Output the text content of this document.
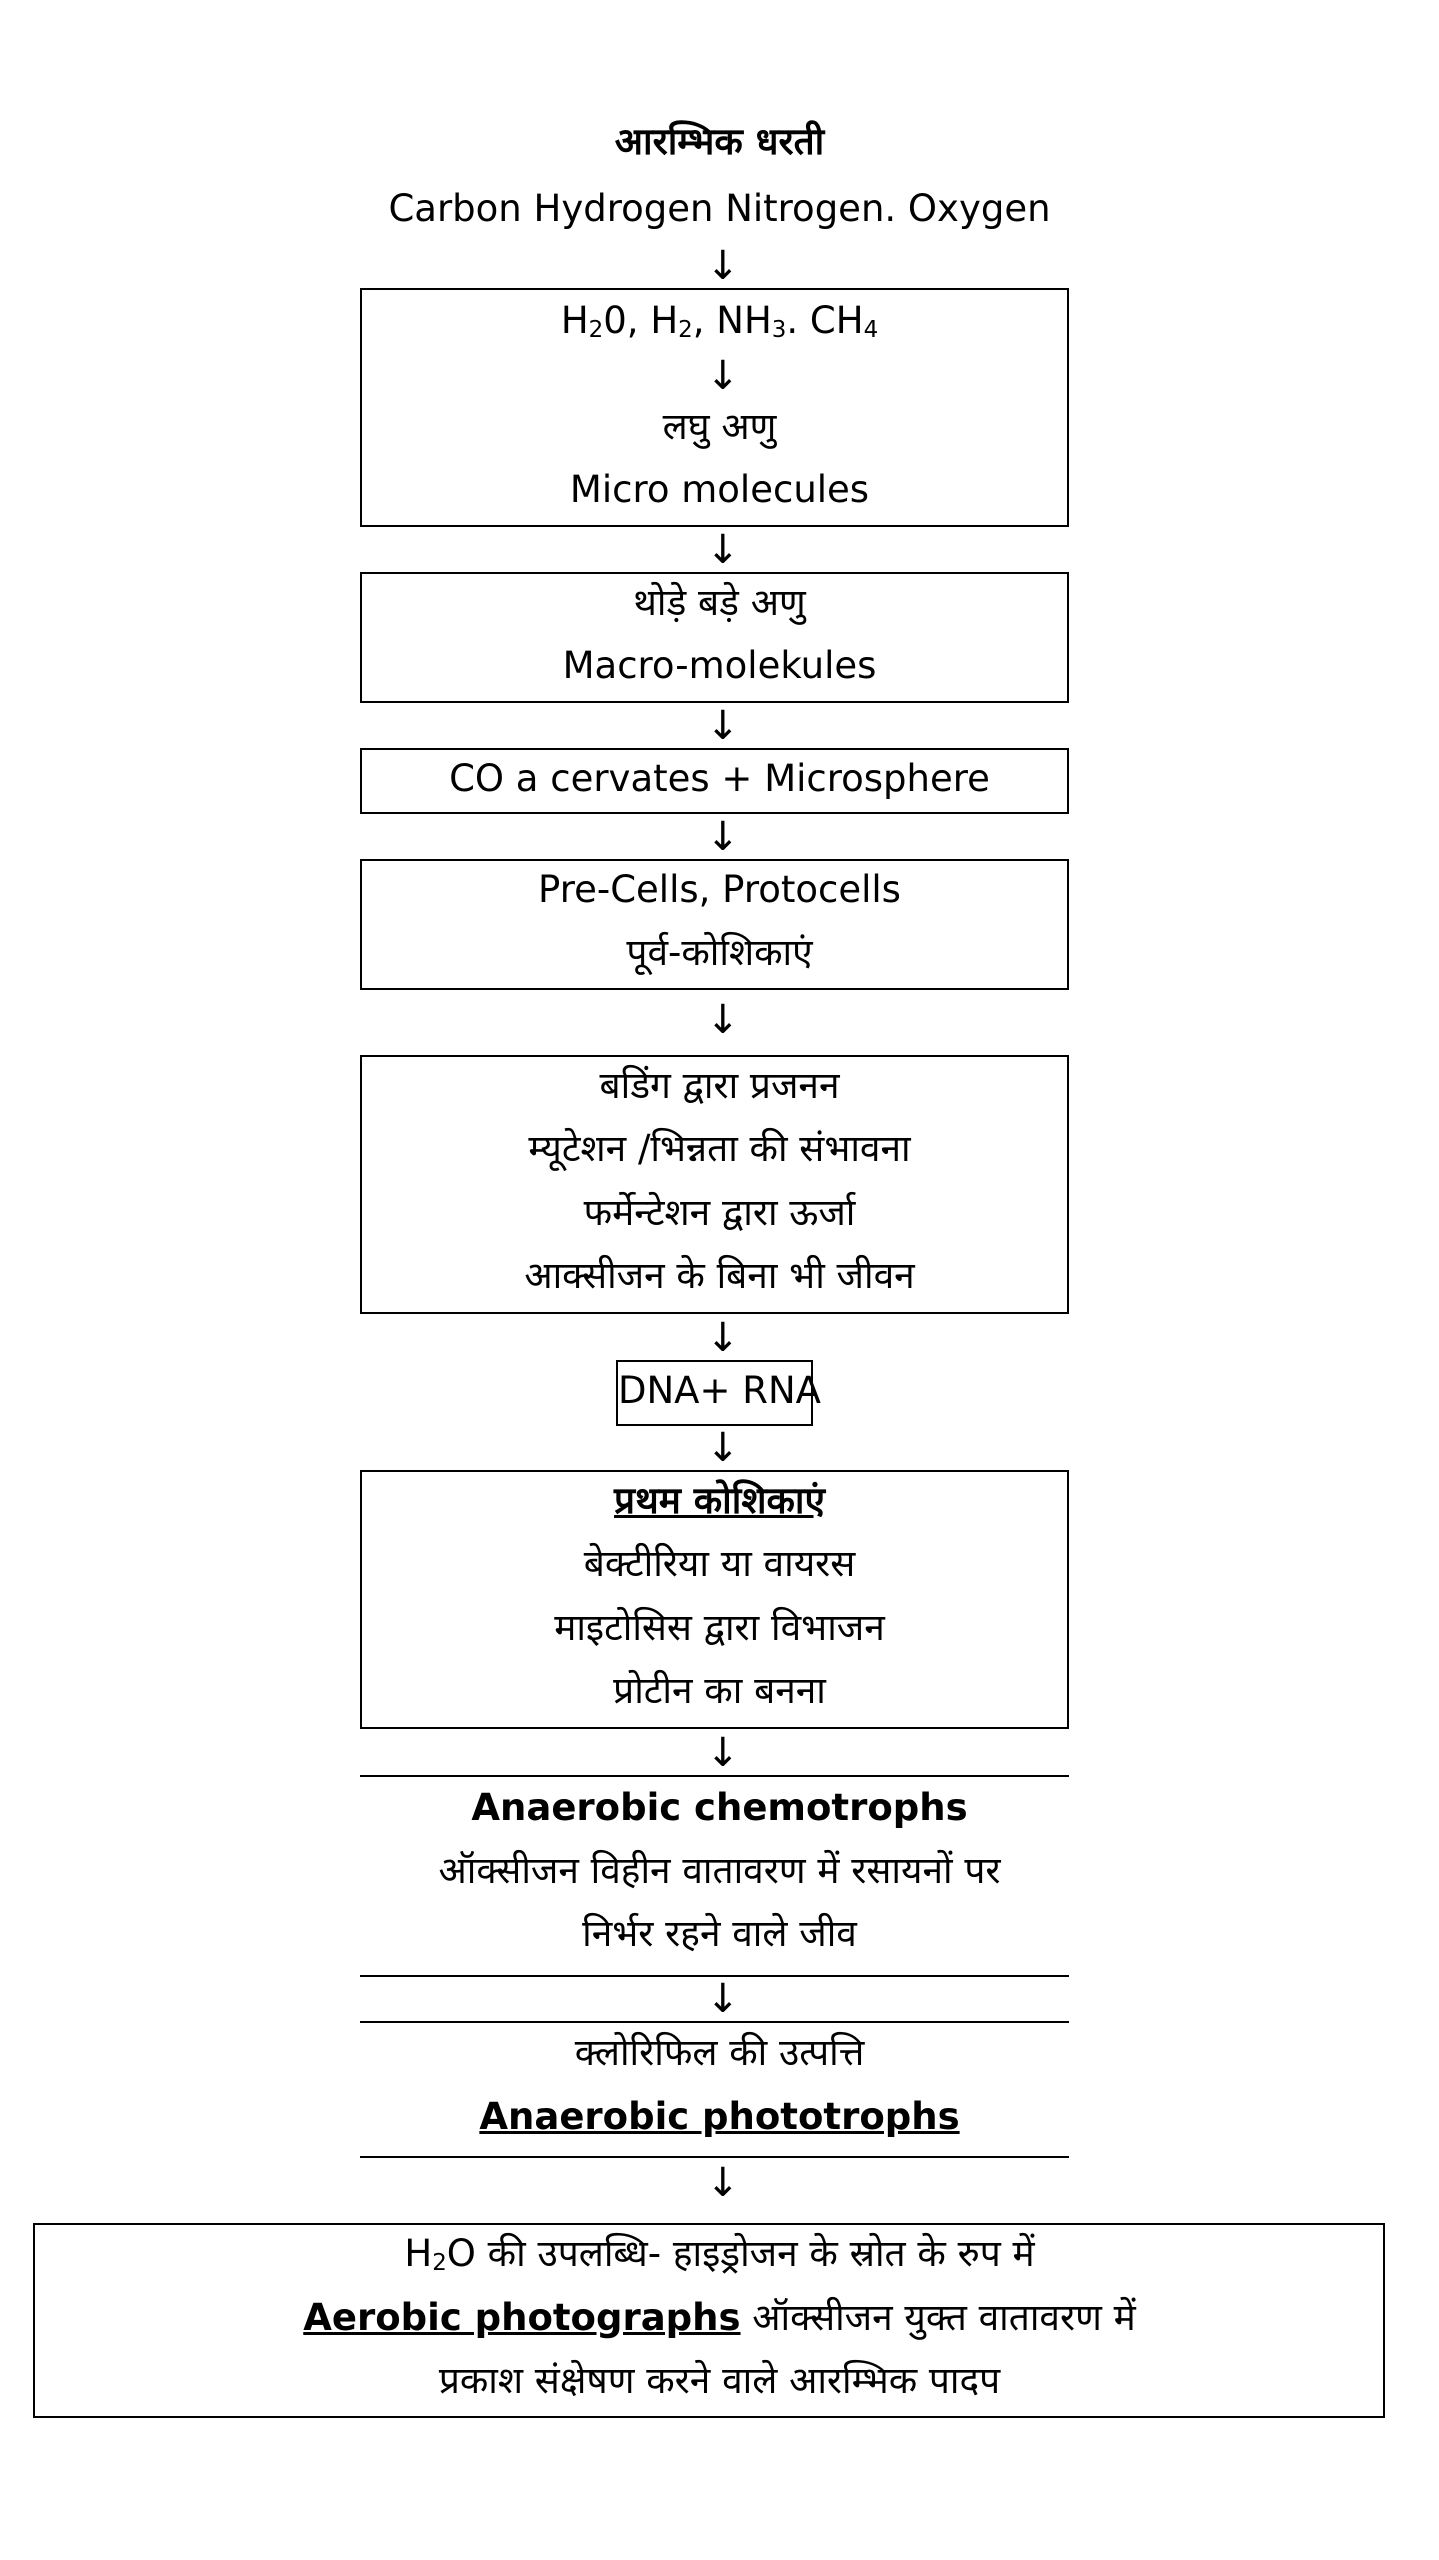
आरम्भिक धरती
Carbon Hydrogen Nitrogen. Oxygen
↓
$H_20$, $H_2$, $NH_3$. $CH_4$
↓
लघु अणु
Micro molecules
↓
थोड़े बड़े अणु
Macro-molekules
↓
CO a cervates + Microsphere
↓
Pre-Cells, Protocells
पूर्व-कोशिकाएं
↓
बडिंग द्वारा प्रजनन
म्यूटेशन /भिन्नता की संभावना
फर्मेन्टेशन द्वारा ऊर्जा
आक्सीजन के बिना भी जीवन
↓
DNA+ RNA
↓
प्रथम कोशिकाएं
बेक्टीरिया या वायरस
माइटोसिस द्वारा विभाजन
प्रोटीन का बनना
↓
Anaerobic chemotrophs
ऑक्सीजन विहीन वातावरण में रसायनों पर
निर्भर रहने वाले जीव
↓
क्लोरिफिल की उत्पत्ति
Anaerobic phototrophs
↓
$H_2O$ की उपलब्धि- हाइड्रोजन के स्रोत के रुप में
Aerobic photographs ऑक्सीजन युक्त वातावरण में
प्रकाश संक्षेषण करने वाले आरम्भिक पादप
